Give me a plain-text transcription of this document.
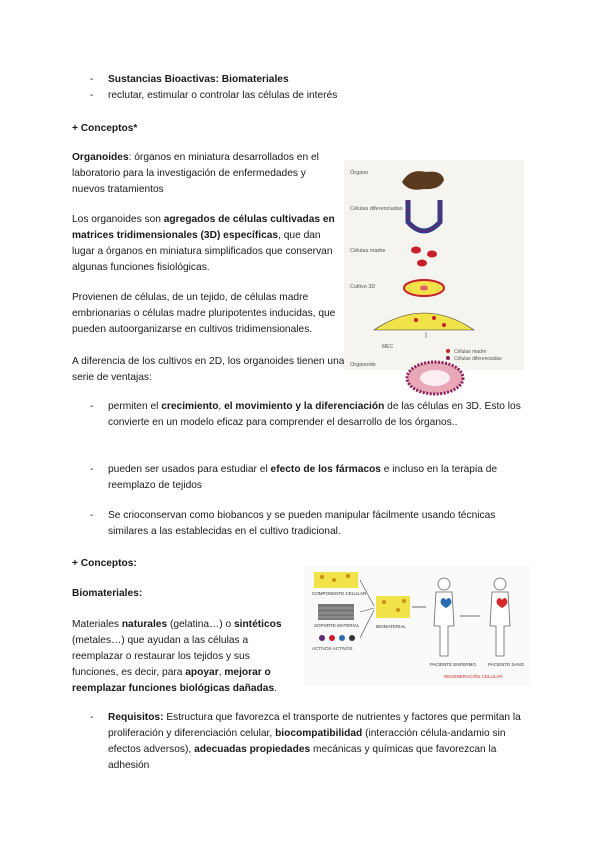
- Sustancias Bioactivas: Biomateriales

- reclutar, estimular o controlar las células de interés

+ Conceptos*

Organoides: órganos en miniatura desarrollados en el laboratorio para la investigación de enfermedades y nuevos tratamientos

Los organoides son agregados de células cultivadas en matrices tridimensionales (3D) específicas, que dan lugar a órganos en miniatura simplificados que conservan algunas funciones fisiológicas.

Provienen de células, de un tejido, de células madre embrionarias o células madre pluripotentes inducidas, que pueden autoorganizarse en cultivos tridimensionales.

A diferencia de los cultivos en 2D, los organoides tienen una serie de ventajas:

Órgano
Células diferenciadas
Células madre
Cultivo 3D
MEC
Células madre
Células diferenciadas
Organoide
- permiten el crecimiento, el movimiento y la diferenciación de las células en 3D. Esto los convierte en un modelo eficaz para comprender el desarrollo de los órganos..

- pueden ser usados para estudiar el efecto de los fármacos e incluso en la terapia de reemplazo de tejidos

- Se crioconservan como biobancos y se pueden manipular fácilmente usando técnicas similares a las establecidas en el cultivo tradicional.

+ Conceptos:

Biomateriales:

Materiales naturales (gelatina…) o sintéticos (metales…) que ayudan a las células a reemplazar o restaurar los tejidos y sus funciones, es decir, para apoyar, mejorar o reemplazar funciones biológicas dañadas.

COMPONENTE CELULAR
SOPORTE MATERIAL
ACTIVOS ACTIVOS
BIOMATERIAL
PACIENTE ENFERMO	PACIENTE SANO
REGENERACIÓN CELULAR
- Requisitos: Estructura que favorezca el transporte de nutrientes y factores que permitan la proliferación y diferenciación celular, biocompatibilidad (interacción célula-andamio sin efectos adversos), adecuadas propiedades mecánicas y químicas que favorezcan la adhesión
